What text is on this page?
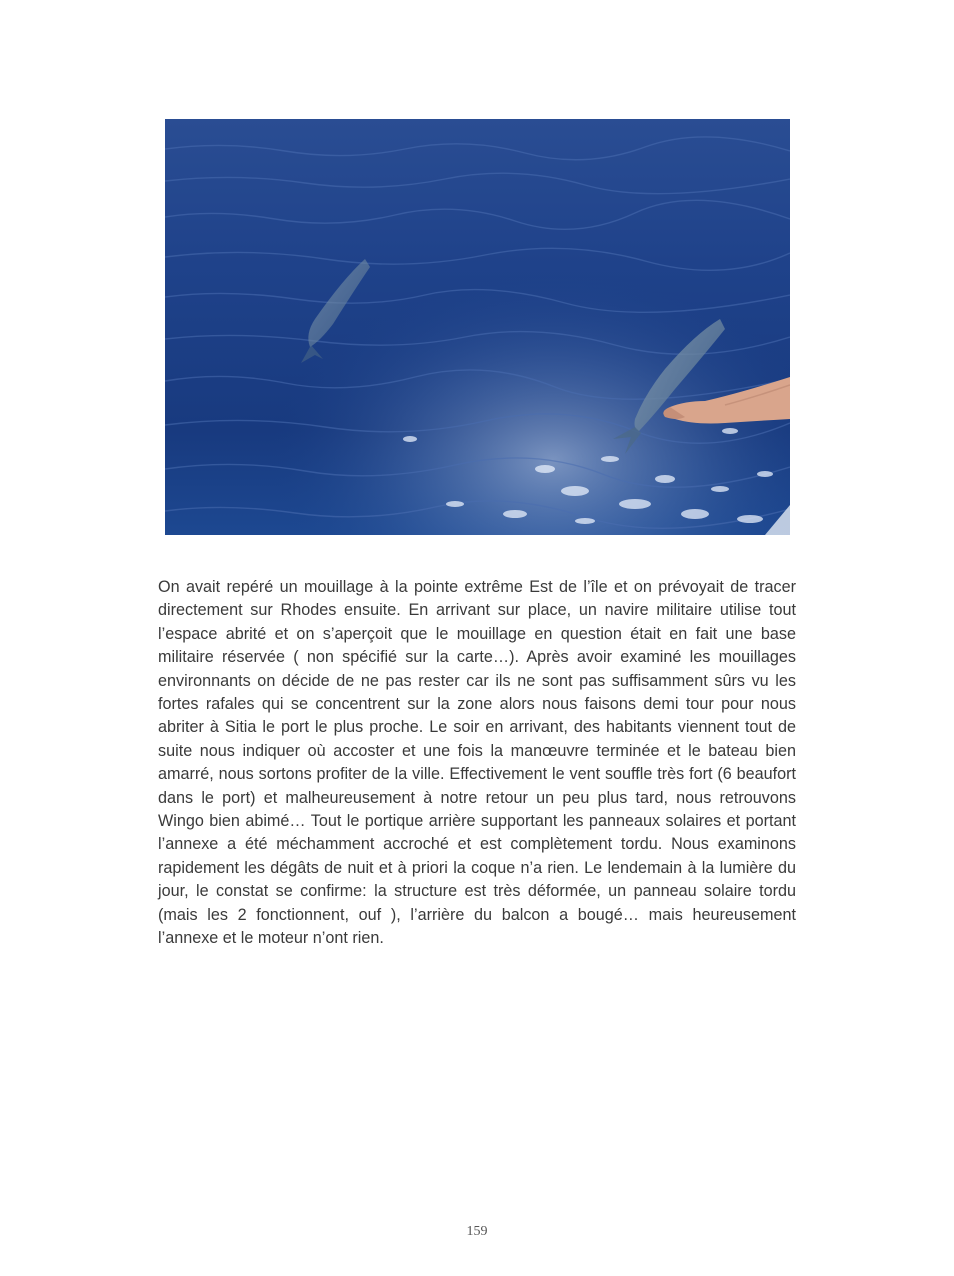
On avait repéré un mouillage à la pointe extrême Est de l’île et on prévoyait de tracer directement sur Rhodes ensuite. En arrivant sur place, un navire militaire utilise tout l’espace abrité et on s’aperçoit que le mouillage en question était en fait une base militaire réservée ( non spécifié sur la carte…). Après avoir examiné les mouillages environnants on décide de ne pas rester car ils ne sont pas suffisamment sûrs vu les fortes rafales qui se concentrent sur la zone alors nous faisons demi tour pour nous abriter à Sitia le port le plus proche. Le soir en arrivant, des habitants viennent tout de suite nous indiquer où accoster et une fois la manœuvre terminée et le bateau bien amarré, nous sortons profiter de la ville. Effectivement le vent souffle très fort (6 beaufort dans le port) et malheureusement à notre retour un peu plus tard, nous retrouvons Wingo bien abimé… Tout le portique arrière supportant les panneaux solaires et portant l’annexe a été méchamment accroché et est complètement tordu. Nous examinons rapidement les dégâts de nuit et à priori la coque n’a rien. Le lendemain à la lumière du jour, le constat se confirme: la structure est très déformée, un panneau solaire tordu (mais les 2 fonctionnent, ouf ), l’arrière du balcon a bougé… mais heureusement l’annexe et le moteur n’ont rien.
159
